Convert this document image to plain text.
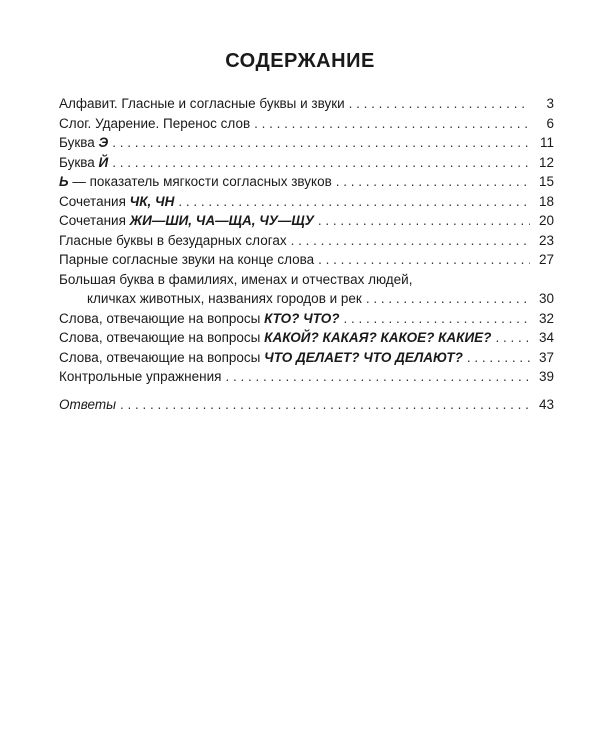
СОДЕРЖАНИЕ
Алфавит. Гласные и согласные буквы и звуки . . .	3
Слог. Ударение. Перенос слов . . .	6
Буква Э . . .	11
Буква Й . . .	12
Ь — показатель мягкости согласных звуков . . .	15
Сочетания ЧК, ЧН . . .	18
Сочетания ЖИ—ШИ, ЧА—ЩА, ЧУ—ЩУ . . .	20
Гласные буквы в безударных слогах . . .	23
Парные согласные звуки на конце слова . . .	27
Большая буква в фамилиях, именах и отчествах людей,
кличках животных, названиях городов и рек . . .	30
Слова, отвечающие на вопросы КТО? ЧТО? . . .	32
Слова, отвечающие на вопросы КАКОЙ? КАКАЯ? КАКОЕ? КАКИЕ? . . .	34
Слова, отвечающие на вопросы ЧТО ДЕЛАЕТ? ЧТО ДЕЛАЮТ? . . .	37
Контрольные упражнения . . .	39
Ответы . . .	43
